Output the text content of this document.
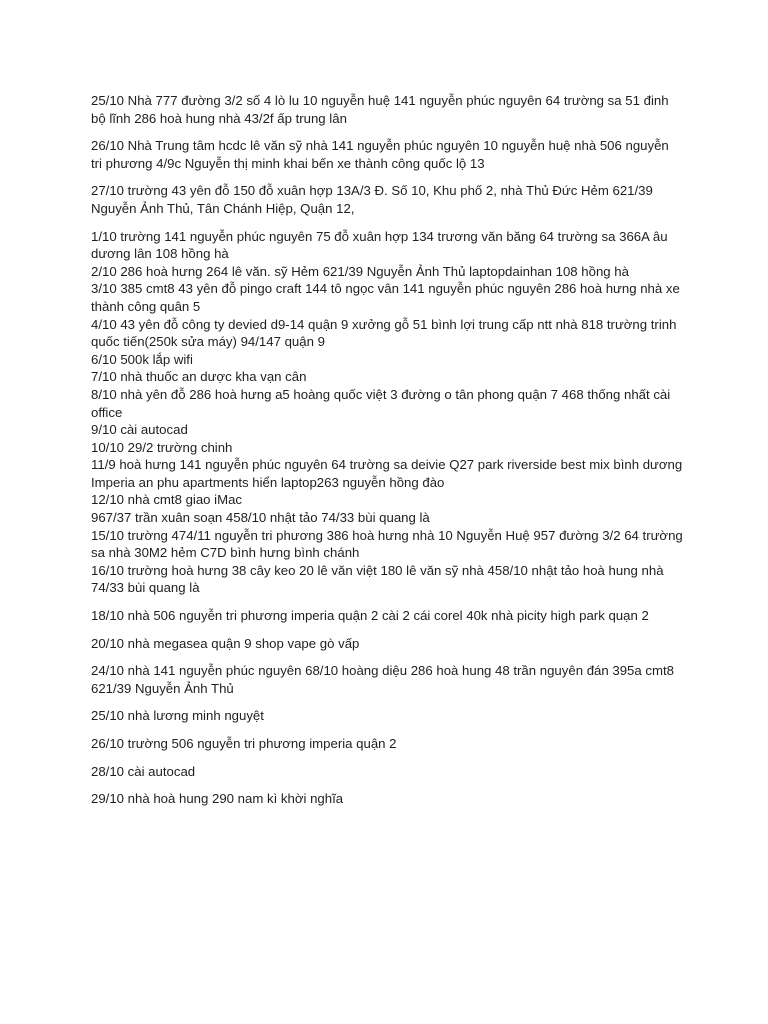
25/10 Nhà 777 đường 3/2 số 4 lò lu 10 nguyễn huệ 141 nguyễn phúc nguyên 64 trường sa 51 đinh bộ lĩnh 286 hoà hung nhà 43/2f ấp trung lân

26/10 Nhà Trung tâm hcdc lê văn sỹ nhà 141 nguyễn phúc nguyên 10 nguyễn huệ nhà 506 nguyễn tri phương 4/9c Nguyễn thị minh khai bến xe thành công quốc lộ 13

27/10 trường 43 yên đỗ 150 đỗ xuân hợp 13A/3 Đ. Số 10, Khu phố 2, nhà Thủ Đức Hẻm 621/39 Nguyễn Ảnh Thủ, Tân Chánh Hiệp, Quận 12,

1/10 trường 141 nguyễn phúc nguyên 75 đỗ xuân hợp 134 trương văn băng 64 trường sa 366A âu dương lân 108 hồng hà
2/10 286 hoà hưng 264 lê văn. sỹ Hẻm 621/39 Nguyễn Ảnh Thủ laptopdainhan 108 hồng hà
3/10 385 cmt8 43 yên đỗ pingo craft 144 tô ngọc vân 141 nguyễn phúc nguyên 286 hoà hưng nhà xe thành công quân 5
4/10 43 yên đỗ công ty devied d9-14 quận 9 xưởng gỗ 51 bình lợi trung cấp ntt nhà 818 trường trinh quốc tiến(250k sửa máy) 94/147 quận 9
6/10 500k lắp wifi
7/10 nhà thuốc an dược kha vạn cân
8/10 nhà yên đỗ 286 hoà hưng a5 hoàng quốc việt 3 đường o tân phong quận 7 468 thống nhất cài office
9/10 cài autocad
10/10 29/2 trường chinh
11/9 hoà hưng 141 nguyễn phúc nguyên 64 trường sa deivie Q27 park riverside best mix bình dương Imperia an phu apartments hiển laptop263 nguyễn hồng đào
12/10 nhà cmt8 giao iMac
967/37 trần xuân soạn 458/10 nhật tảo 74/33 bùi quang là
15/10 trường 474/11 nguyễn tri phương 386 hoà hưng nhà 10 Nguyễn Huệ 957 đường 3/2 64 trường sa nhà 30M2 hẻm C7D bình hưng bình chánh
16/10 trường hoà hưng 38 cây keo 20 lê văn việt 180 lê văn sỹ nhà 458/10 nhật tảo hoà hung nhà 74/33 bùi quang là

18/10 nhà 506 nguyễn tri phương imperia quận 2 cài 2 cái corel 40k nhà picity high park quạn 2

20/10 nhà megasea quận 9 shop vape gò vấp

24/10 nhà 141 nguyễn phúc nguyên 68/10 hoàng diệu 286 hoà hung 48 trần nguyên đán 395a cmt8 621/39 Nguyễn Ảnh Thủ

25/10 nhà lương minh nguyệt

26/10 trường 506 nguyễn tri phương imperia quận 2

28/10 cài autocad

29/10 nhà hoà hung 290 nam kì khời nghĩa
